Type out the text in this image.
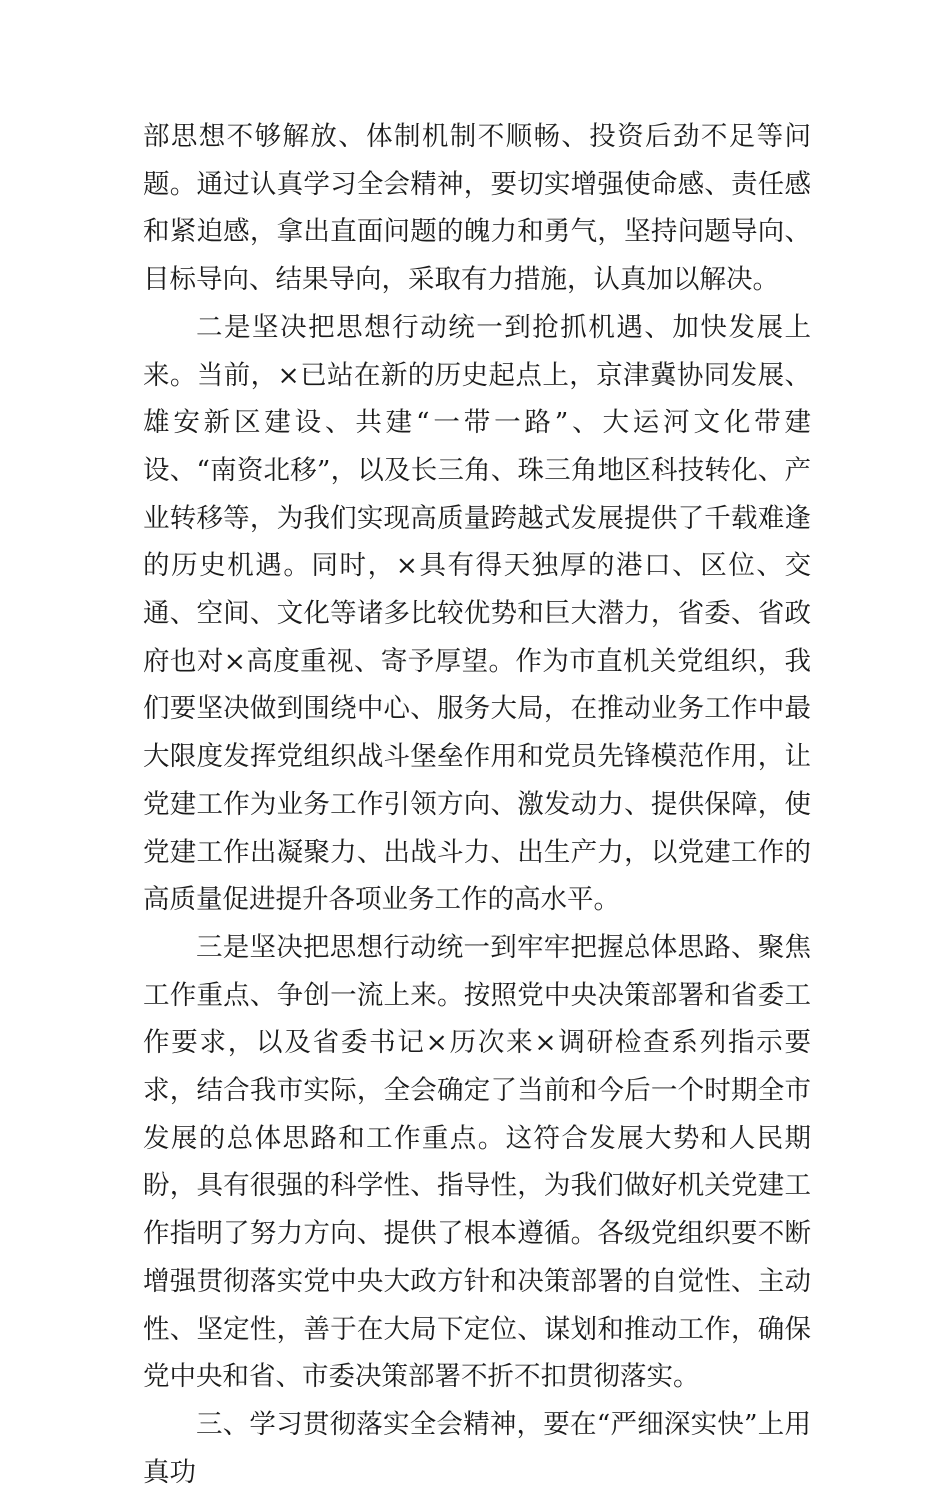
部思想不够解放、体制机制不顺畅、投资后劲不足等问题。通过认真学习全会精神，要切实增强使命感、责任感和紧迫感，拿出直面问题的魄力和勇气，坚持问题导向、目标导向、结果导向，采取有力措施，认真加以解决。

二是坚决把思想行动统一到抢抓机遇、加快发展上来。当前，×已站在新的历史起点上，京津冀协同发展、雄安新区建设、共建“一带一路”、大运河文化带建设、“南资北移”，以及长三角、珠三角地区科技转化、产业转移等，为我们实现高质量跨越式发展提供了千载难逢的历史机遇。同时，×具有得天独厚的港口、区位、交通、空间、文化等诸多比较优势和巨大潜力，省委、省政府也对×高度重视、寄予厚望。作为市直机关党组织，我们要坚决做到围绕中心、服务大局，在推动业务工作中最大限度发挥党组织战斗堡垒作用和党员先锋模范作用，让党建工作为业务工作引领方向、激发动力、提供保障，使党建工作出凝聚力、出战斗力、出生产力，以党建工作的高质量促进提升各项业务工作的高水平。

三是坚决把思想行动统一到牢牢把握总体思路、聚焦工作重点、争创一流上来。按照党中央决策部署和省委工作要求，以及省委书记×历次来×调研检查系列指示要求，结合我市实际，全会确定了当前和今后一个时期全市发展的总体思路和工作重点。这符合发展大势和人民期盼，具有很强的科学性、指导性，为我们做好机关党建工作指明了努力方向、提供了根本遵循。各级党组织要不断增强贯彻落实党中央大政方针和决策部署的自觉性、主动性、坚定性，善于在大局下定位、谋划和推动工作，确保党中央和省、市委决策部署不折不扣贯彻落实。

三、学习贯彻落实全会精神，要在“严细深实快”上用真功
